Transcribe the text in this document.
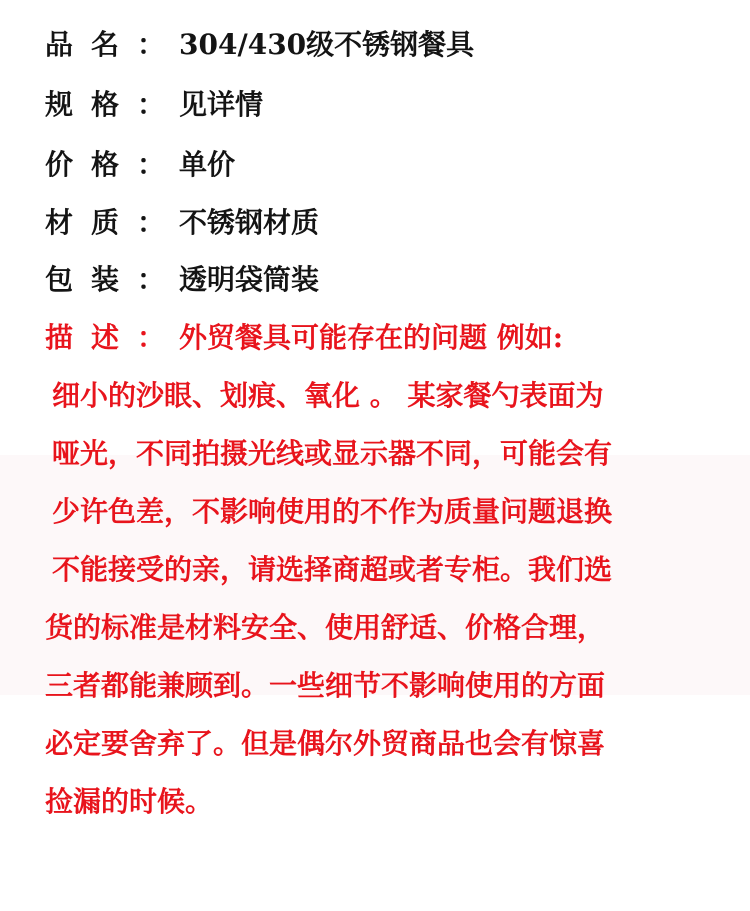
品名： 304/430级不锈钢餐具
规格： 见详情
价格： 单价
材质： 不锈钢材质
包装： 透明袋筒装
描述： 外贸餐具可能存在的问题 例如:
细小的沙眼、划痕、氧化 。 某家餐勺表面为
哑光，不同拍摄光线或显示器不同，可能会有
少许色差，不影响使用的不作为质量问题退换
不能接受的亲，请选择商超或者专柜。我们选
货的标准是材料安全、使用舒适、价格合理，
三者都能兼顾到。一些细节不影响使用的方面
必定要舍弃了。但是偶尔外贸商品也会有惊喜
捡漏的时候。
